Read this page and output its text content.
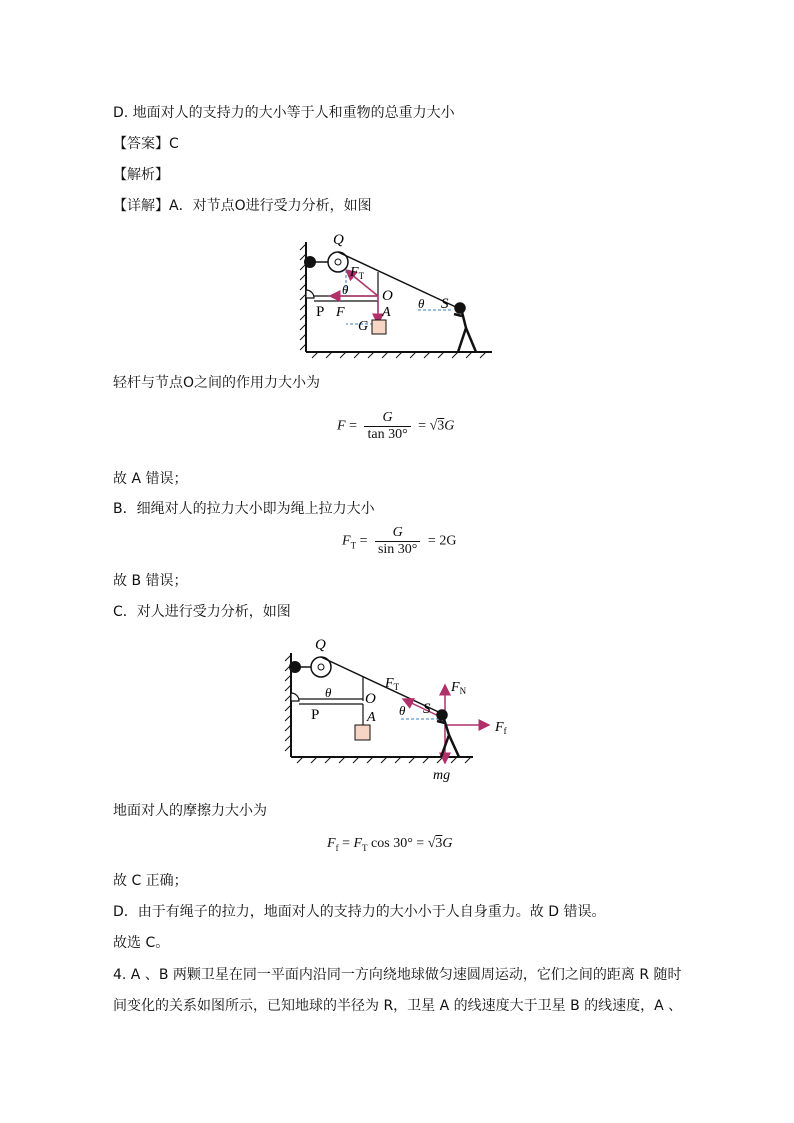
D. 地面对人的支持力的大小等于人和重物的总重力大小
【答案】C
【解析】
【详解】A．对节点O进行受力分析，如图
Q
$F_T$
θ O θ S
P F	A
G
轻杆与节点O之间的作用力大小为
$F = \frac{G}{\tan 30^\circ} = √3G$
故 A 错误；
B．细绳对人的拉力大小即为绳上拉力大小
$F_T = \frac{G}{\sin 30^\circ} = 2G$
故 B 错误；
C．对人进行受力分析，如图
Q
$F_T$	$F_N$
θ O
θ S
P	A
$F_f$
mg
地面对人的摩擦力大小为
$F_f = F_T$ cos 30° = √3G
故 C 正确；
D．由于有绳子的拉力，地面对人的支持力的大小小于人自身重力。故 D 错误。
故选 C。
4. A 、B 两颗卫星在同一平面内沿同一方向绕地球做匀速圆周运动，它们之间的距离 R 随时
间变化的关系如图所示，已知地球的半径为 R，卫星 A 的线速度大于卫星 B 的线速度，A 、
